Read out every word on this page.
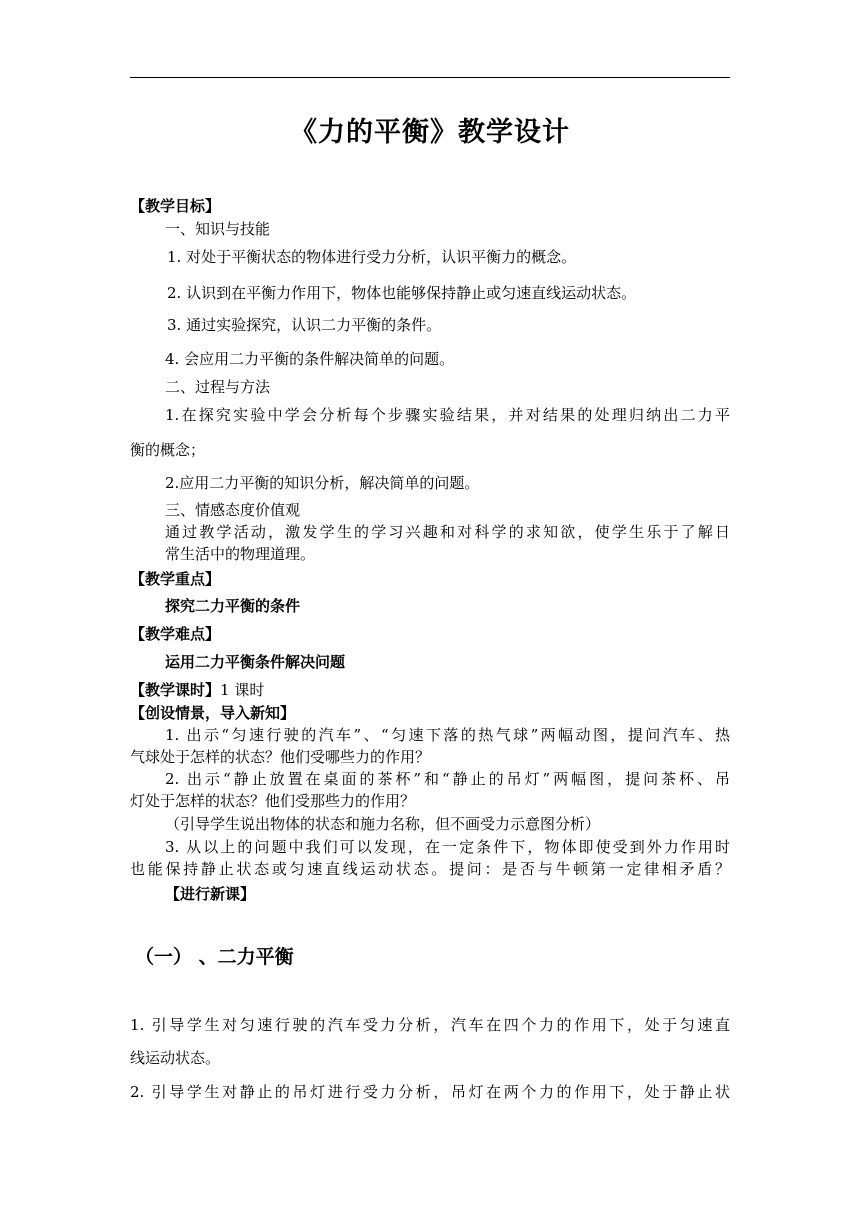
《力的平衡》教学设计
【教学目标】
一、知识与技能
1. 对处于平衡状态的物体进行受力分析，认识平衡力的概念。
2. 认识到在平衡力作用下，物体也能够保持静止或匀速直线运动状态。
3. 通过实验探究，认识二力平衡的条件。
4. 会应用二力平衡的条件解决简单的问题。
二、过程与方法
1.在探究实验中学会分析每个步骤实验结果，并对结果的处理归纳出二力平
衡的概念；
2.应用二力平衡的知识分析，解决简单的问题。
三、情感态度价值观
通过教学活动，激发学生的学习兴趣和对科学的求知欲，使学生乐于了解日
常生活中的物理道理。
【教学重点】
探究二力平衡的条件
【教学难点】
运用二力平衡条件解决问题
【教学课时】1 课时
【创设情景，导入新知】
1. 出示“匀速行驶的汽车”、“匀速下落的热气球”两幅动图，提问汽车、热
气球处于怎样的状态？他们受哪些力的作用？
2. 出示“静止放置在桌面的茶杯”和“静止的吊灯”两幅图，提问茶杯、吊
灯处于怎样的状态？他们受那些力的作用？
（引导学生说出物体的状态和施力名称，但不画受力示意图分析）
3. 从以上的问题中我们可以发现，在一定条件下，物体即使受到外力作用时
也能保持静止状态或匀速直线运动状态。提问：是否与牛顿第一定律相矛盾？
【进行新课】
（一） 、二力平衡
1. 引导学生对匀速行驶的汽车受力分析，汽车在四个力的作用下，处于匀速直
线运动状态。
2. 引导学生对静止的吊灯进行受力分析，吊灯在两个力的作用下，处于静止状
